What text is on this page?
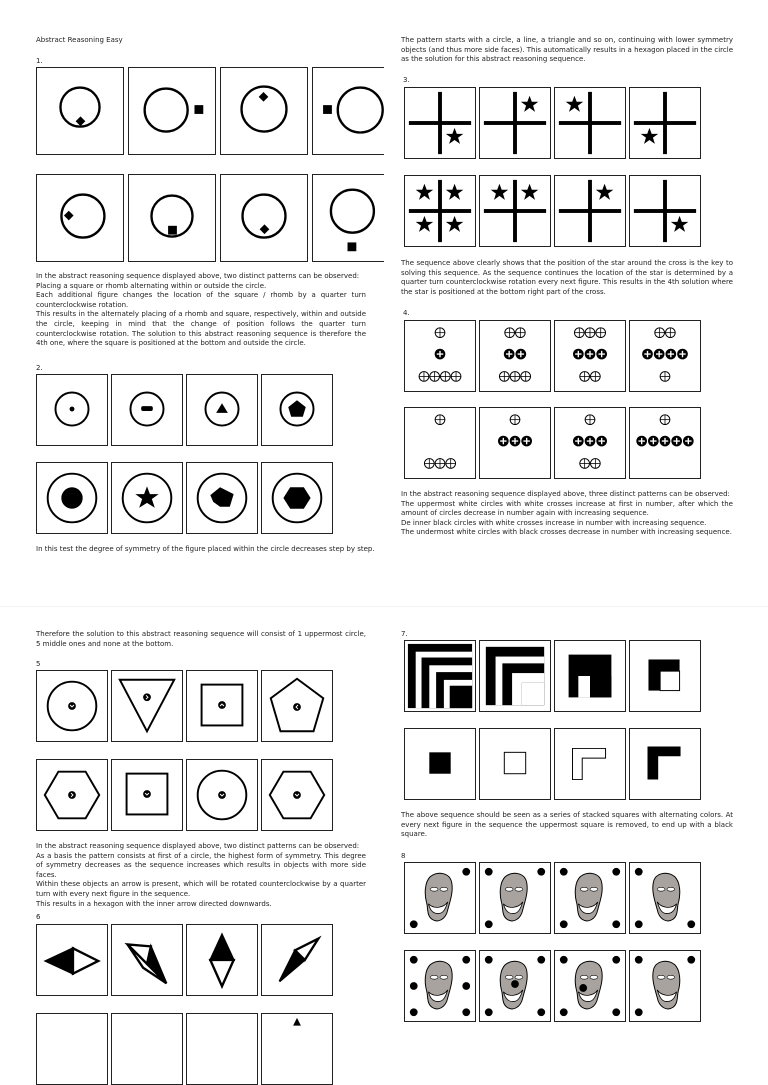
Abstract Reasoning Easy
1.
In the abstract reasoning sequence displayed above, two distinct patterns can be observed:
Placing a square or rhomb alternating within or outside the circle.
Each additional figure changes the location of the square / rhomb by a quarter turn counterclockwise rotation.
This results in the alternately placing of a rhomb and square, respectively, within and outside the circle, keeping in mind that the change of position follows the quarter turn counterclockwise rotation. The solution to this abstract reasoning sequence is therefore the 4th one, where the square is positioned at the bottom and outside the circle.
2.
In this test the degree of symmetry of the figure placed within the circle decreases step by step.
The pattern starts with a circle, a line, a triangle and so on, continuing with lower symmetry objects (and thus more side faces). This automatically results in a hexagon placed in the circle as the solution for this abstract reasoning sequence.
3.
The sequence above clearly shows that the position of the star around the cross is the key to solving this sequence. As the sequence continues the location of the star is determined by a quarter turn counterclockwise rotation every next figure. This results in the 4th solution where the star is positioned at the bottom right part of the cross.
4.
In the abstract reasoning sequence displayed above, three distinct patterns can be observed:
The uppermost white circles with white crosses increase at first in number, after which the amount of circles decrease in number again with increasing sequence.
De inner black circles with white crosses increase in number with increasing sequence.
The undermost white circles with black crosses decrease in number with increasing sequence.
Therefore the solution to this abstract reasoning sequence will consist of 1 uppermost circle, 5 middle ones and none at the bottom.
5
In the abstract reasoning sequence displayed above, two distinct patterns can be observed:
As a basis the pattern consists at first of a circle, the highest form of symmetry. This degree of symmetry decreases as the sequence increases which results in objects with more side faces.
Within these objects an arrow is present, which will be rotated counterclockwise by a quarter turn with every next figure in the sequence.
This results in a hexagon with the inner arrow directed downwards.
6
7.
The above sequence should be seen as a series of stacked squares with alternating colors. At every next figure in the sequence the uppermost square is removed, to end up with a black square.
8
